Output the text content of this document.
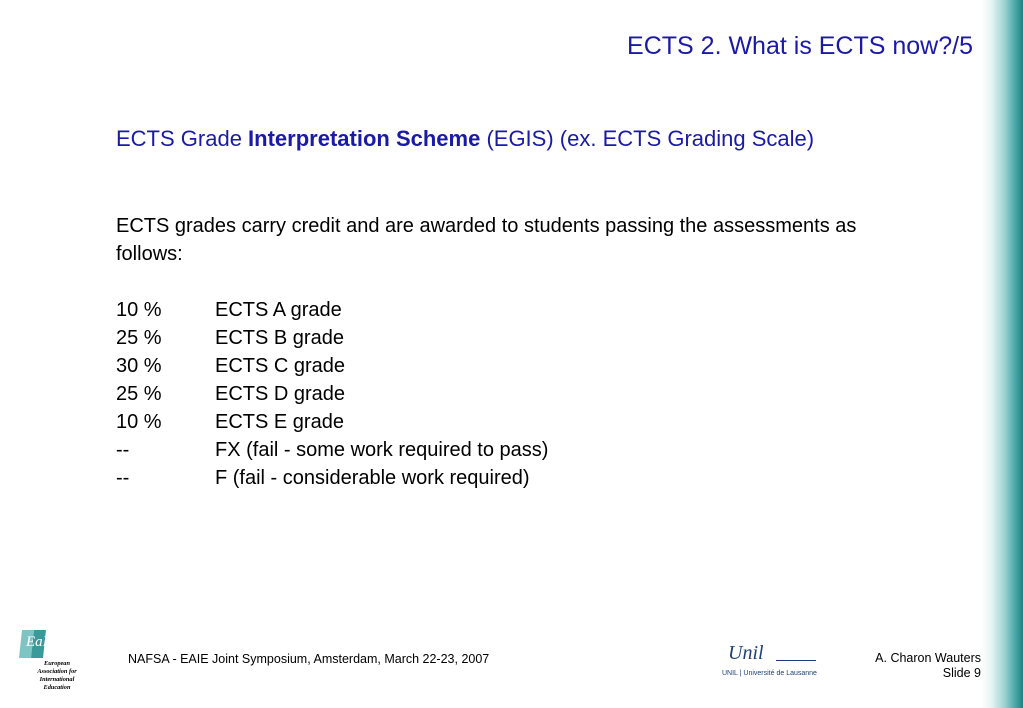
ECTS 2. What is ECTS now?/5
ECTS Grade Interpretation Scheme (EGIS) (ex. ECTS Grading Scale)
ECTS grades carry credit and are awarded to students passing the assessments as follows:
10 %	ECTS A grade
25 %	ECTS B grade
30 %	ECTS C grade
25 %	ECTS D grade
10 %	ECTS E grade
--	FX (fail - some work required to pass)
--	F (fail - considerable work required)
EaIE
European
Association for
International
Education
NAFSA - EAIE Joint Symposium, Amsterdam, March 22-23, 2007	Unil
UNIL | Université de Lausanne
A. Charon Wauters
Slide 9
